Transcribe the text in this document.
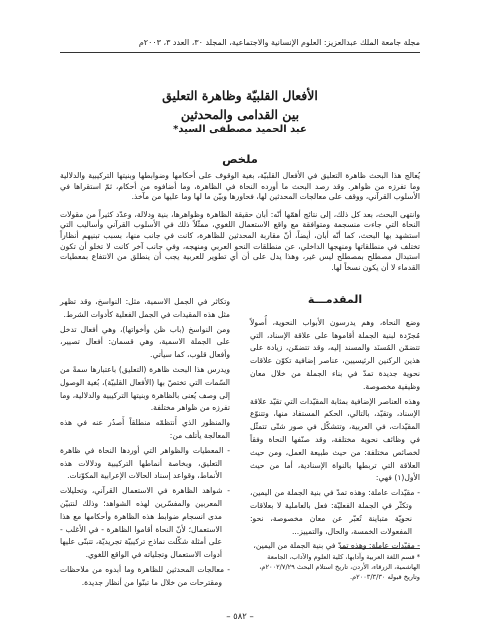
مجلة جامعة الملك عبدالعزيز: العلوم الإنسانية والاجتماعية، المجلد ٣٠، العدد ٣، ٢٠٠٣م
الأفعال القلبيّة وظاهرة التعليق
بين القدامى والمحدثين
عبد الحميد مصطفى السيد*
ملخص

يُعالج هذا البحث ظاهرة التعليق في الأفعال القلبيّة، بغية الوقوف على أحكامها وضوابطها وبنيتها التركيبية والدلالية وما تفرزه من ظواهر. وقد رصد البحث ما أورده النحاة في الظاهرة، وما أضافوه من أحكام، ثمّ استقراها في الأسلوب القرآني، ووقف على معالجات المحدثين لها، فحاورها وبيّن ما لها وما عليها من مآخذ.

وانتهى البحث، بعد كل ذلك، إلى نتائج أهمّها أنّه: أبان حقيقة الظاهرة وظواهرها، بنية ودلالة، وعدّد كثيراً من مقولات النحاة التي جاءت منسجمة ومتوافقة مع واقع الاستعمال اللغوي، ممثّلاً ذلك في الأسلوب القرآني وأساليب التي استشهد بها البحث، كما أنّه أبان، أيضاً، أنّ مقاربة المحدثين للظاهرة، كانت في جانب منها، بسبب تبنيهم أنظاراً تختلف في منطلقاتها ومنهجها الداخلي، عن منطلقات النحو العربي ومنهجه، وفي جانب آخر كانت لا تخلو أن تكون استبدال مصطلح بمصطلح ليس غير، وهذا يدل على أن أي تطوير للعربية يجب أن ينطلق من الانتفاع بمعطيات القدماء لا أن يكون نسخاً لها.

المقدمـــة

وضع النحاة، وهم يدرسون الأبواب النحوية، أُصولاً مُجرّدة لبنية الجملة أقاموها على علاقة الإسناد، التي تتضمّن المُسنَد والمسند إليه، وقد تتضمّن، زيادة على هذين الركنين الرئيسيين، عناصر إضافية تكوّن علاقات نحوية جديدة تمدّ في بناء الجملة من خلال معان وظيفية مخصوصة.

وهذه العناصر الإضافية بمثابة المقيّدات التي تقيّد علاقة الإسناد، وتقيّد، بالتالي، الحكم المستفاد منها، وتتنوّع المقيّدات، في العربية، وتتشكّل في صور شتّى تتمثّل في وظائف نحوية مختلفة، وقد صنّفها النحاة وفقاً لخصائص مختلفة: من حيث طبيعة العمل، ومن حيث العلاقة التي تربطها بالنواة الإسنادية، أما من حيث الأول(١) فهي:

- مقيّدات عاملة: وهذه تمدّ في بنية الجملة من اليمين، وتكثّر في الجملة الفعليّة: فعل بالعاملية لا بعلاقات نحويّة متباينة تُعبّر عن معان مخصوصة، نحو: المفعولات الخمسة، والحال، والتمييز...

- مقيّدات عاملة: وهذه تمدّ في بنية الجملة من اليمين،

وتكاثر في الجمل الاسمية، مثل: النواسخ، وقد تظهر مثل هذه المقيدات في الجمل الفعلية كأدوات الشرط.

ومن النواسخ (باب ظن وأخواتها)، وهي أفعال تدخل على الجملة الاسمية، وهي قسمان: أفعال تصيير، وأفعال قلوب، كما سيأتي.

ويدرس هذا البحث ظاهرة (التعليق) باعتبارها سمةً من السّمات التي تختصّ بها (الأفعال القلبيّة)، بُغية الوصول إلى وصف يُعنى بالظاهرة وبنيتها التركيبية والدلالية، وما تفرزه من ظواهر مختلفة.

والمنظور الذي أَنتظمّه منطلقاً أَصدُر عنه في هذه المعالجة يأتلف من:

- المعطيات والظواهر التي أوردها النحاة في ظاهرة التعليق، وبخاصة أنماطها التركيبية ودلالات هذه الأنماط، وقواعد إسناد الحالات الإعرابية المكوّنات.

- شواهد الظاهرة في الاستعمال القرآني، وتحليلات المعربين والمفسّرين لهذه الشواهد؛ وذلك لنتبيّن مدى انسجام ضوابط هذه الظاهرة وأحكامها مع هذا الاستعمال؛ لأنّ النحاة أقاموا الظاهرة - في الأغلب - على أمثلة شكّلت نماذج تركيبيّة تجريديّة، تتبنّى عليها أدوات الاستعمال وتجلياته في الواقع اللغوي.

- معالجات المحدثين للظاهرة وما أبدوه من ملاحظات ومقترحات من خلال ما تبنّوا من أنظار جديدة.

* قسم اللغة العربية وآدابها، كلية العلوم والآداب، الجامعة الهاشمية، الزرقاء، الأردن، تاريخ استلام البحث ٢٠٠٢/٧/٢٩م، وتاريخ قبوله ٢٠٠٣/٣/٣٠م.
– ٥٨٢ –
